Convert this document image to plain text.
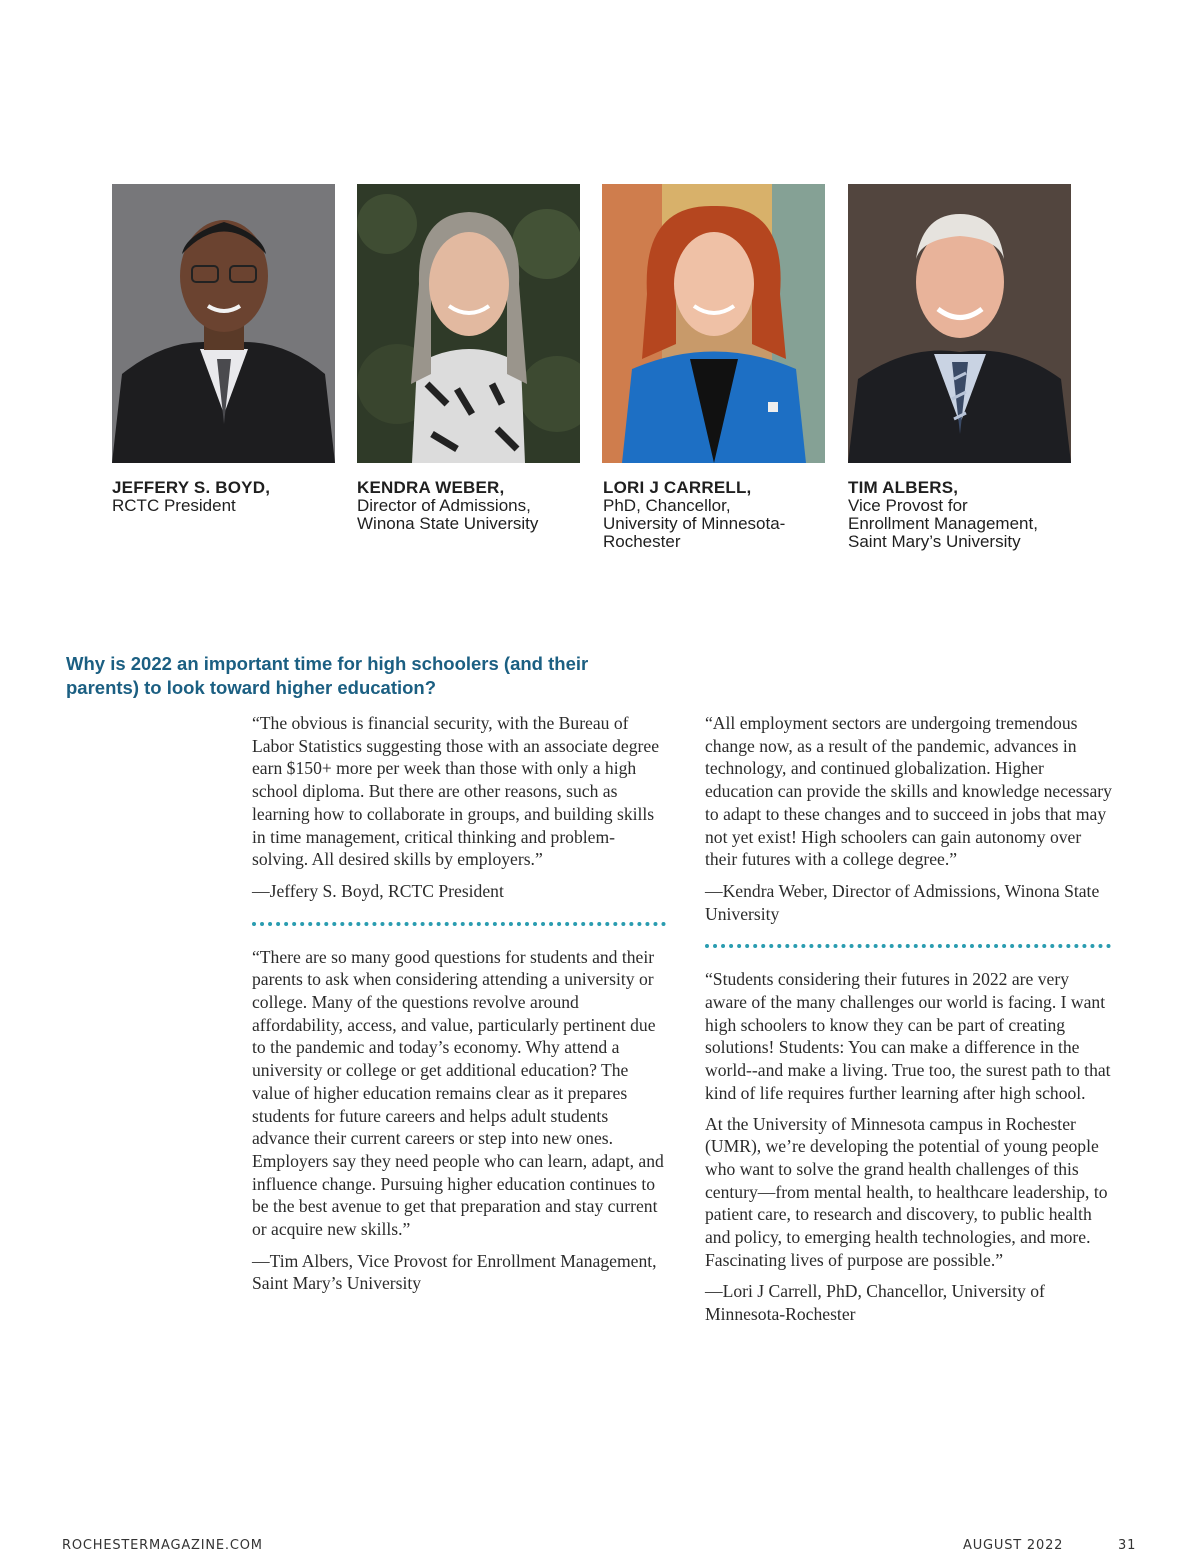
JEFFERY S. BOYD,
RCTC President
KENDRA WEBER,
Director of Admissions,
Winona State University
LORI J CARRELL,
PhD, Chancellor,
University of Minnesota-
Rochester
TIM ALBERS,
Vice Provost for
Enrollment Management,
Saint Mary’s University
Why is 2022 an important time for high schoolers (and their parents) to look toward higher education?

“The obvious is financial security, with the Bureau of Labor Statistics suggesting those with an associate degree earn $150+ more per week than those with only a high school diploma. But there are other reasons, such as learning how to collaborate in groups, and building skills in time management, critical thinking and problem-solving. All desired skills by employers.”

—Jeffery S. Boyd, RCTC President

“There are so many good questions for students and their parents to ask when considering attending a university or college. Many of the questions revolve around affordability, access, and value, particularly pertinent due to the pandemic and today’s economy. Why attend a university or college or get additional education? The value of higher education remains clear as it prepares students for future careers and helps adult students advance their current careers or step into new ones. Employers say they need people who can learn, adapt, and influence change. Pursuing higher education continues to be the best avenue to get that preparation and stay current or acquire new skills.”

—Tim Albers, Vice Provost for Enrollment Management, Saint Mary’s University

“All employment sectors are undergoing tremendous change now, as a result of the pandemic, advances in technology, and continued globalization. Higher education can provide the skills and knowledge necessary to adapt to these changes and to succeed in jobs that may not yet exist! High schoolers can gain autonomy over their futures with a college degree.”

—Kendra Weber, Director of Admissions, Winona State University

“Students considering their futures in 2022 are very aware of the many challenges our world is facing. I want high schoolers to know they can be part of creating solutions! Students: You can make a difference in the world--and make a living. True too, the surest path to that kind of life requires further learning after high school.

At the University of Minnesota campus in Rochester (UMR), we’re developing the potential of young people who want to solve the grand health challenges of this century—from mental health, to healthcare leadership, to patient care, to research and discovery, to public health and policy, to emerging health technologies, and more. Fascinating lives of purpose are possible.”

—Lori J Carrell, PhD, Chancellor, University of Minnesota-Rochester

ROCHESTERMAGAZINE.COM	AUGUST 2022	31
